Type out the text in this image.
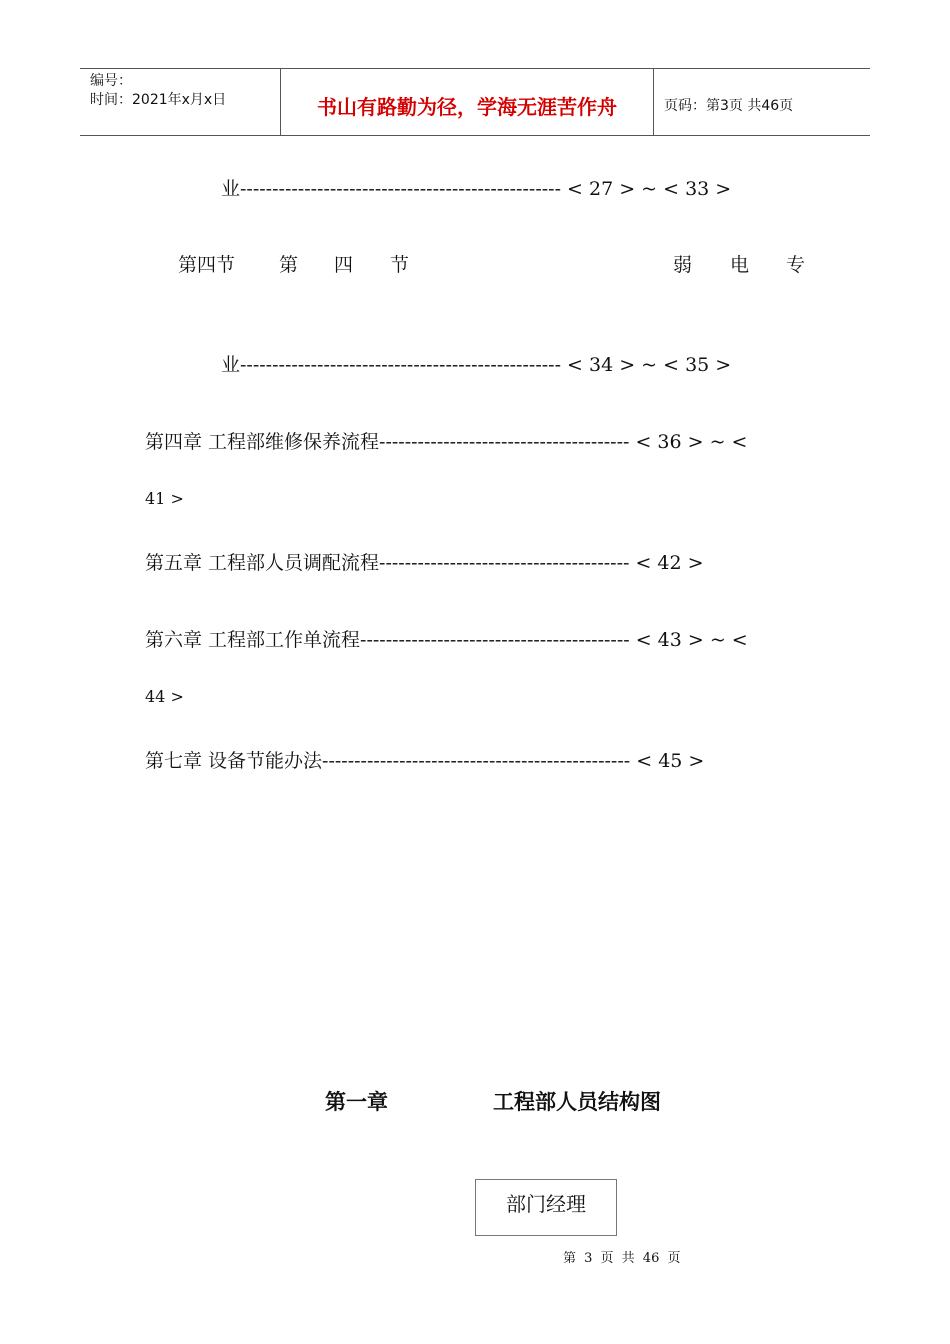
编号：
时间：2021年x月x日	书山有路勤为径，学海无涯苦作舟	页码：第3页 共46页
业-------------------------------------------------- < 27 > ~ < 33 >
第四节 第 四 节	弱 电 专
业-------------------------------------------------- < 34 > ~ < 35 >
第四章 工程部维修保养流程--------------------------------------- < 36 > ~ <
41 >
第五章 工程部人员调配流程--------------------------------------- < 42 >
第六章 工程部工作单流程------------------------------------------ < 43 > ~ <
44 >
第七章 设备节能办法------------------------------------------------ < 45 >
第一章	工程部人员结构图
部门经理
第 3 页 共 46 页
